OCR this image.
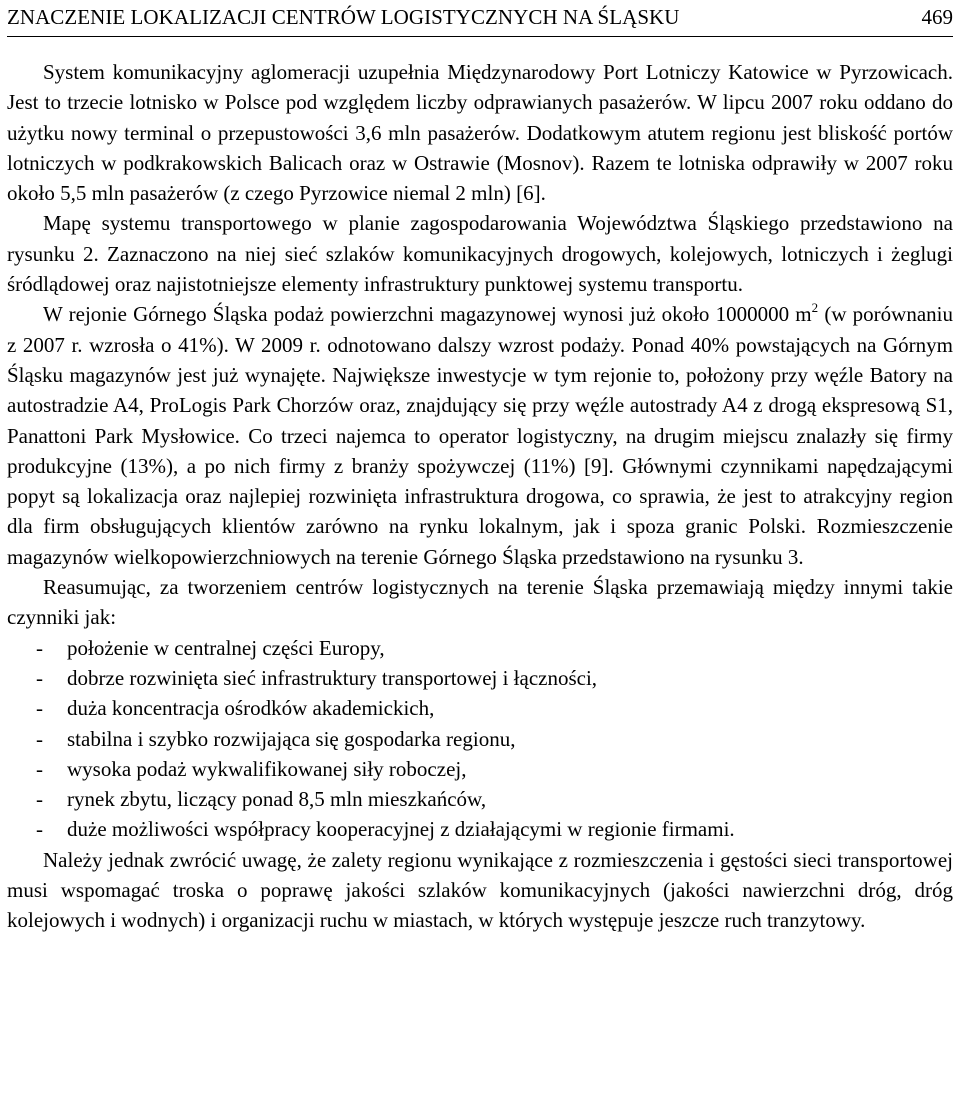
ZNACZENIE LOKALIZACJI CENTRÓW LOGISTYCZNYCH NA ŚLĄSKU	469

System komunikacyjny aglomeracji uzupełnia Międzynarodowy Port Lotniczy Katowice w Pyrzowicach. Jest to trzecie lotnisko w Polsce pod względem liczby odprawianych pasażerów. W lipcu 2007 roku oddano do użytku nowy terminal o przepustowości 3,6 mln pasażerów. Dodatkowym atutem regionu jest bliskość portów lotniczych w podkrakowskich Balicach oraz w Ostrawie (Mosnov). Razem te lotniska odprawiły w 2007 roku około 5,5 mln pasażerów (z czego Pyrzowice niemal 2 mln) [6].

Mapę systemu transportowego w planie zagospodarowania Województwa Śląskiego przedstawiono na rysunku 2. Zaznaczono na niej sieć szlaków komunikacyjnych drogowych, kolejowych, lotniczych i żeglugi śródlądowej oraz najistotniejsze elementy infrastruktury punktowej systemu transportu.

W rejonie Górnego Śląska podaż powierzchni magazynowej wynosi już około 1000000 $m^2$ (w porównaniu z 2007 r. wzrosła o 41%). W 2009 r. odnotowano dalszy wzrost podaży. Ponad 40% powstających na Górnym Śląsku magazynów jest już wynajęte. Największe inwestycje w tym rejonie to, położony przy węźle Batory na autostradzie A4, ProLogis Park Chorzów oraz, znajdujący się przy węźle autostrady A4 z drogą ekspresową S1, Panattoni Park Mysłowice. Co trzeci najemca to operator logistyczny, na drugim miejscu znalazły się firmy produkcyjne (13%), a po nich firmy z branży spożywczej (11%) [9]. Głównymi czynnikami napędzającymi popyt są lokalizacja oraz najlepiej rozwinięta infrastruktura drogowa, co sprawia, że jest to atrakcyjny region dla firm obsługujących klientów zarówno na rynku lokalnym, jak i spoza granic Polski. Rozmieszczenie magazynów wielkopowierzchniowych na terenie Górnego Śląska przedstawiono na rysunku 3.

Reasumując, za tworzeniem centrów logistycznych na terenie Śląska przemawiają między innymi takie czynniki jak:

- położenie w centralnej części Europy,
- dobrze rozwinięta sieć infrastruktury transportowej i łączności,
- duża koncentracja ośrodków akademickich,
- stabilna i szybko rozwijająca się gospodarka regionu,
- wysoka podaż wykwalifikowanej siły roboczej,
- rynek zbytu, liczący ponad 8,5 mln mieszkańców,
- duże możliwości współpracy kooperacyjnej z działającymi w regionie firmami.

Należy jednak zwrócić uwagę, że zalety regionu wynikające z rozmieszczenia i gęstości sieci transportowej musi wspomagać troska o poprawę jakości szlaków komunikacyjnych (jakości nawierzchni dróg, dróg kolejowych i wodnych) i organizacji ruchu w miastach, w których występuje jeszcze ruch tranzytowy.
